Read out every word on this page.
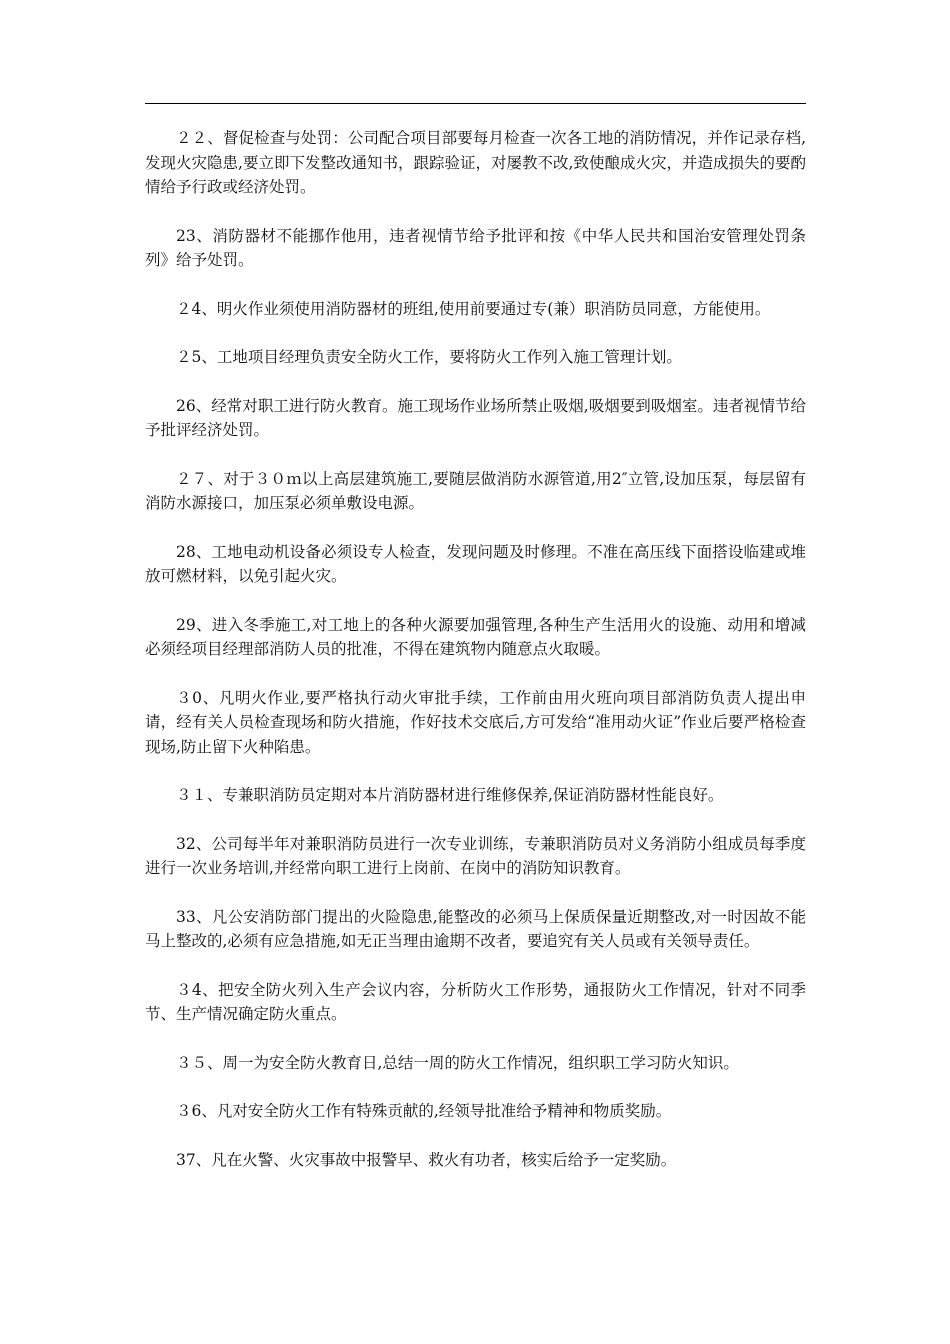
２２、督促检查与处罚：公司配合项目部要每月检查一次各工地的消防情况，并作记录存档,发现火灾隐患,要立即下发整改通知书，跟踪验证，对屡教不改,致使酿成火灾，并造成损失的要酌情给予行政或经济处罚。

23、消防器材不能挪作他用，违者视情节给予批评和按《中华人民共和国治安管理处罚条列》给予处罚。

２4、明火作业须使用消防器材的班组,使用前要通过专(兼）职消防员同意，方能使用。

２5、工地项目经理负责安全防火工作，要将防火工作列入施工管理计划。

26、经常对职工进行防火教育。施工现场作业场所禁止吸烟,吸烟要到吸烟室。违者视情节给予批评经济处罚。

２７、对于３０ｍ以上高层建筑施工,要随层做消防水源管道,用2″立管,设加压泵，每层留有消防水源接口，加压泵必须单敷设电源。

28、工地电动机设备必须设专人检查，发现问题及时修理。不准在高压线下面搭设临建或堆放可燃材料，以免引起火灾。

29、进入冬季施工,对工地上的各种火源要加强管理,各种生产生活用火的设施、动用和增减必须经项目经理部消防人员的批准，不得在建筑物内随意点火取暖。

３0、凡明火作业,要严格执行动火审批手续，工作前由用火班向项目部消防负责人提出申请，经有关人员检查现场和防火措施，作好技术交底后,方可发给“准用动火证”作业后要严格检查现场,防止留下火种陷患。

３１、专兼职消防员定期对本片消防器材进行维修保养,保证消防器材性能良好。

32、公司每半年对兼职消防员进行一次专业训练，专兼职消防员对义务消防小组成员每季度进行一次业务培训,并经常向职工进行上岗前、在岗中的消防知识教育。

33、凡公安消防部门提出的火险隐患,能整改的必须马上保质保量近期整改,对一时因故不能马上整改的,必须有应急措施,如无正当理由逾期不改者，要追究有关人员或有关领导责任。

３4、把安全防火列入生产会议内容，分析防火工作形势，通报防火工作情况，针对不同季节、生产情况确定防火重点。

３５、周一为安全防火教育日,总结一周的防火工作情况，组织职工学习防火知识。

３6、凡对安全防火工作有特殊贡献的,经领导批准给予精神和物质奖励。

37、凡在火警、火灾事故中报警早、救火有功者，核实后给予一定奖励。
